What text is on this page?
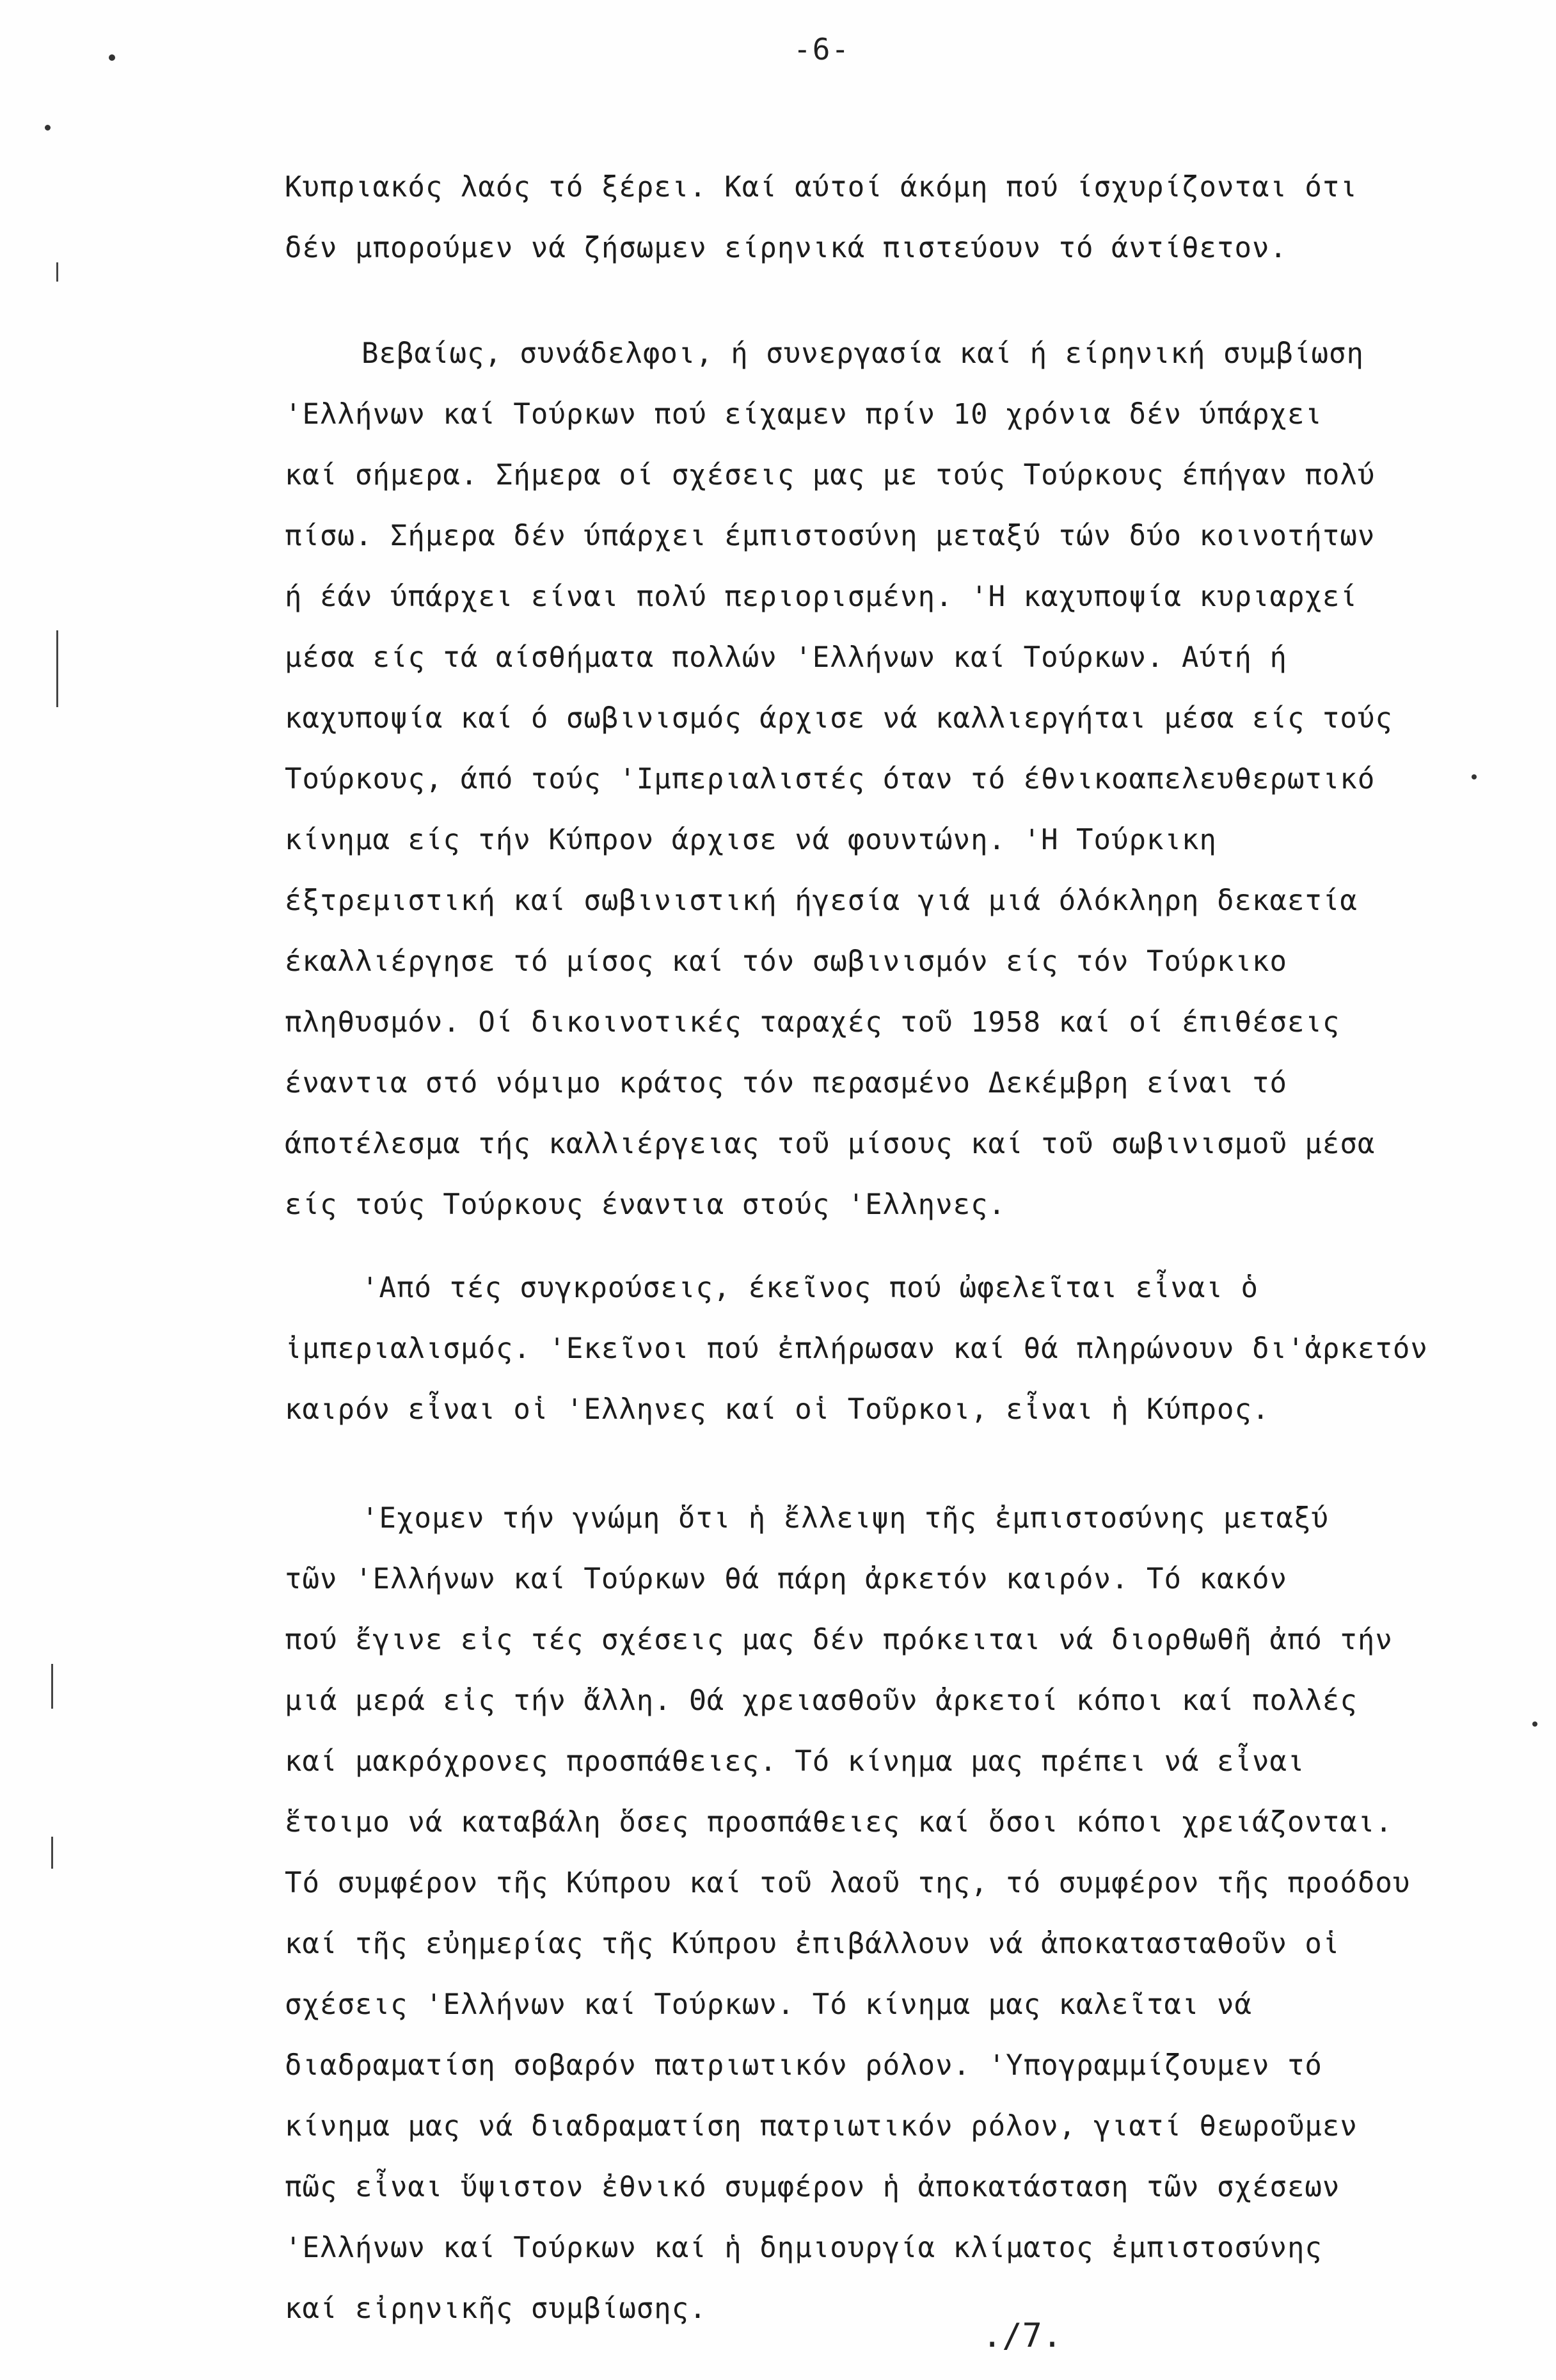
-6-
Κυπριακός λαός τό ξέρει. Καί αύτοί άκόμη πού ίσχυρίζονται ότι
δέν μπορούμεν νά ζήσωμεν είρηνικά πιστεύουν τό άντίθετον.
Βεβαίως, συνάδελφοι, ή συνεργασία καί ή είρηνική συμβίωση
'Ελλήνων καί Τούρκων πού είχαμεν πρίν 10 χρόνια δέν ύπάρχει
καί σήμερα. Σήμερα οί σχέσεις μας με τούς Τούρκους έπήγαν πολύ
πίσω. Σήμερα δέν ύπάρχει έμπιστοσύνη μεταξύ τών δύο κοινοτήτων
ή έάν ύπάρχει είναι πολύ περιορισμένη. 'Η καχυποψία κυριαρχεί
μέσα είς τά αίσθήματα πολλών 'Ελλήνων καί Τούρκων. Αύτή ή
καχυποψία καί ό σωβινισμός άρχισε νά καλλιεργήται μέσα είς τούς
Τούρκους, άπό τούς 'Ιμπεριαλιστές όταν τό έθνικοαπελευθερωτικό
κίνημα είς τήν Κύπρον άρχισε νά φουντώνη. 'Η Τούρκικη
έξτρεμιστική καί σωβινιστική ήγεσία γιά μιά όλόκληρη δεκαετία
έκαλλιέργησε τό μίσος καί τόν σωβινισμόν είς τόν Τούρκικο
πληθυσμόν. Οί δικοινοτικές ταραχές τοῦ 1958 καί οί έπιθέσεις
έναντια στό νόμιμο κράτος τόν περασμένο Δεκέμβρη είναι τό
άποτέλεσμα τής καλλιέργειας τοῦ μίσους καί τοῦ σωβινισμοῦ μέσα
είς τούς Τούρκους έναντια στούς 'Ελληνες.
'Από τές συγκρούσεις, έκεῖνος πού ὠφελεῖται εἶναι ὁ
ἰμπεριαλισμός. 'Εκεῖνοι πού ἐπλήρωσαν καί θά πληρώνουν δι'ἀρκετόν
καιρόν εἶναι οἱ 'Ελληνες καί οἱ Τοῦρκοι, εἶναι ἡ Κύπρος.
'Εχομεν τήν γνώμη ὅτι ἡ ἔλλειψη τῆς ἐμπιστοσύνης μεταξύ
τῶν 'Ελλήνων καί Τούρκων θά πάρη ἀρκετόν καιρόν. Τό κακόν
πού ἔγινε εἰς τές σχέσεις μας δέν πρόκειται νά διορθωθῆ ἀπό τήν
μιά μερά εἰς τήν ἄλλη. Θά χρειασθοῦν ἀρκετοί κόποι καί πολλές
καί μακρόχρονες προσπάθειες. Τό κίνημα μας πρέπει νά εἶναι
ἕτοιμο νά καταβάλη ὅσες προσπάθειες καί ὅσοι κόποι χρειάζονται.
Τό συμφέρον τῆς Κύπρου καί τοῦ λαοῦ της, τό συμφέρον τῆς προόδου
καί τῆς εὐημερίας τῆς Κύπρου ἐπιβάλλουν νά ἀποκατασταθοῦν οἱ
σχέσεις 'Ελλήνων καί Τούρκων. Τό κίνημα μας καλεῖται νά
διαδραματίση σοβαρόν πατριωτικόν ρόλον. 'Υπογραμμίζουμεν τό
κίνημα μας νά διαδραματίση πατριωτικόν ρόλον, γιατί θεωροῦμεν
πῶς εἶναι ὕψιστον ἐθνικό συμφέρον ἡ ἀποκατάσταση τῶν σχέσεων
'Ελλήνων καί Τούρκων καί ἡ δημιουργία κλίματος ἐμπιστοσύνης
καί εἰρηνικῆς συμβίωσης.
./7.
